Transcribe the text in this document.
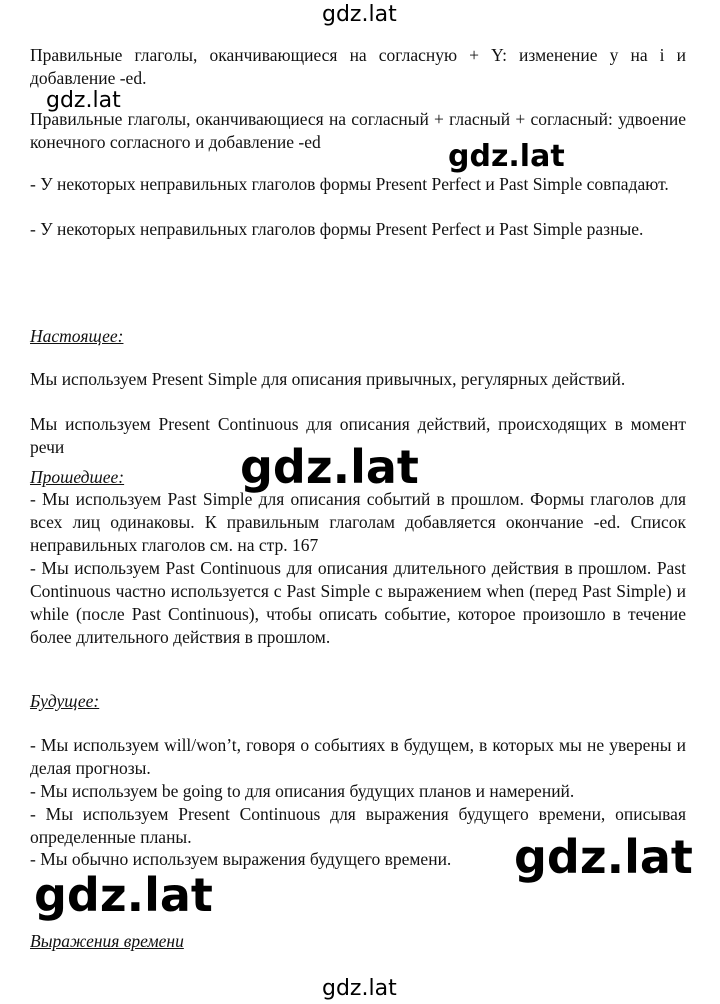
gdz.lat

Правильные глаголы, оканчивающиеся на согласную + Y: изменение y на i и добавление -ed.

Правильные глаголы, оканчивающиеся на согласный + гласный + согласный: удвоение конечного согласного и добавление -ed

gdz.lat
gdz.lat

- У некоторых неправильных глаголов формы Present Perfect и Past Simple совпадают.

- У некоторых неправильных глаголов формы Present Perfect и Past Simple разные.

Настоящее:

Мы используем Present Simple для описания привычных, регулярных действий.

Мы используем Present Continuous для описания действий, происходящих в момент речи

Прошедшее:	gdz.lat

- Мы используем Past Simple для описания событий в прошлом. Формы глаголов для всех лиц одинаковы. К правильным глаголам добавляется окончание -ed. Список неправильных глаголов см. на стр. 167

- Мы используем Past Continuous для описания длительного действия в прошлом. Past Continuous частно используется с Past Simple с выражением when (перед Past Simple) и while (после Past Continuous), чтобы описать событие, которое произошло в течение более длительного действия в прошлом.

Будущее:

- Мы используем will/won’t, говоря о событиях в будущем, в которых мы не уверены и делая прогнозы.

- Мы используем be going to для описания будущих планов и намерений.

- Мы используем Present Continuous для выражения будущего времени, описывая определенные планы.

- Мы обычно используем выражения будущего времени.	gdz.lat
gdz.lat

Выражения времени

gdz.lat
